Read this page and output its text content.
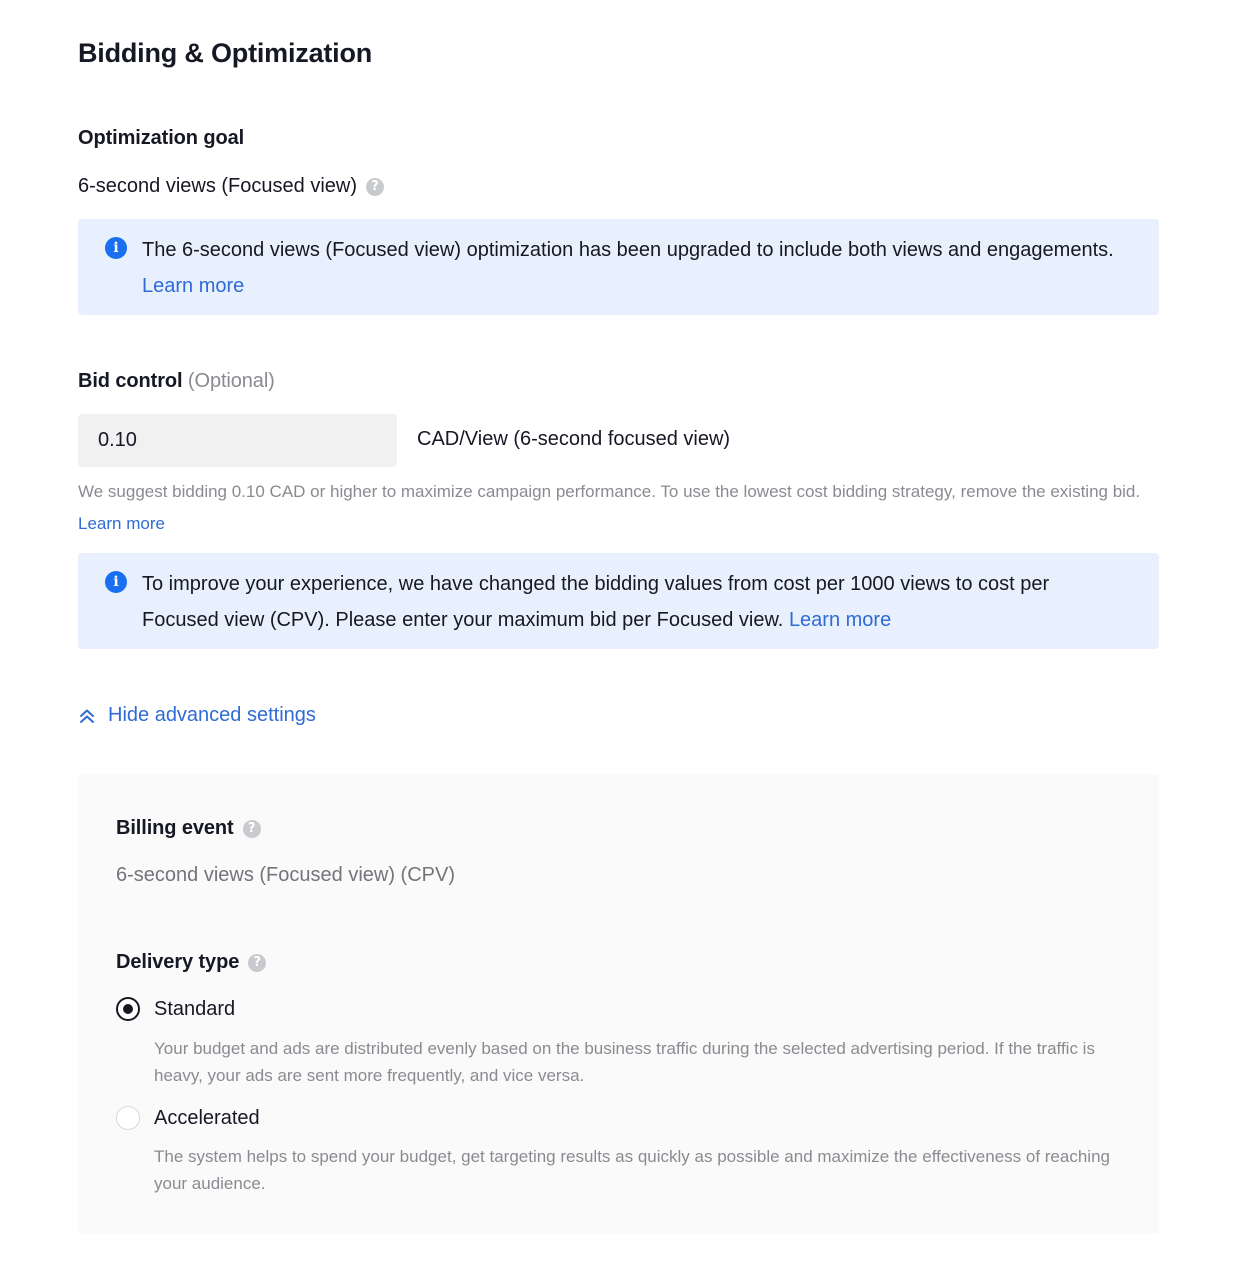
Bidding & Optimization
Optimization goal
6-second views (Focused view)	?
i	The 6-second views (Focused view) optimization has been upgraded to include both views and engagements. Learn more
Bid control (Optional)
0.10
CAD/View (6-second focused view)
We suggest bidding 0.10 CAD or higher to maximize campaign performance. To use the lowest cost bidding strategy, remove the existing bid. Learn more
i	To improve your experience, we have changed the bidding values from cost per 1000 views to cost per Focused view (CPV). Please enter your maximum bid per Focused view. Learn more
Hide advanced settings
Billing event	?
6-second views (Focused view) (CPV)
Delivery type	?
Standard
Your budget and ads are distributed evenly based on the business traffic during the selected advertising period. If the traffic is heavy, your ads are sent more frequently, and vice versa.
Accelerated
The system helps to spend your budget, get targeting results as quickly as possible and maximize the effectiveness of reaching your audience.
